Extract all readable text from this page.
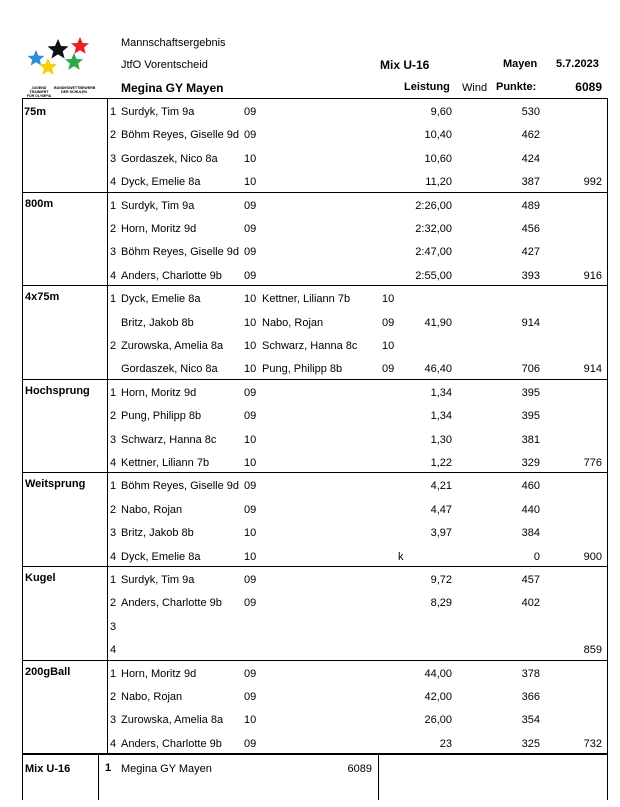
JUGEND TRAINIERT FÜR OLYMPIA
BUNDESWETTBEWERB DER SCHULEN
Mannschaftsergebnis
JtfO Vorentscheid	Mix U-16	Mayen 5.7.2023
Megina GY Mayen	Leistung Wind Punkte:	6089
75m	1 Surdyk, Tim 9a	09	9,60	530
2 Böhm Reyes, Giselle 9d 09	10,40	462
3 Gordaszek, Nico 8a 10	10,60	424
4 Dyck, Emelie 8a	10	11,20	387	992
800m	1 Surdyk, Tim 9a	09	2:26,00	489
2 Horn, Moritz 9d	09	2:32,00	456
3 Böhm Reyes, Giselle 9d 09	2:47,00	427
4 Anders, Charlotte 9b 09	2:55,00	393	916
4x75m	1 Dyck, Emelie 8a	10 Kettner, Liliann 7b	10
Britz, Jakob 8b	10 Nabo, Rojan	09	41,90	914
2 Zurowska, Amelia 8a 10 Schwarz, Hanna 8c 10
Gordaszek, Nico 8a 10 Pung, Philipp 8b	09	46,40	706	914
Hochsprung 1 Horn, Moritz 9d	09	1,34	395
2 Pung, Philipp 8b	09	1,34	395
3 Schwarz, Hanna 8c	10	1,30	381
4 Kettner, Liliann 7b	10	1,22	329	776
Weitsprung 1 Böhm Reyes, Giselle 9d 09	4,21	460
2 Nabo, Rojan	09	4,47	440
3 Britz, Jakob 8b	10	3,97	384
4 Dyck, Emelie 8a	10	k	0	900
Kugel	1 Surdyk, Tim 9a	09	9,72	457
2 Anders, Charlotte 9b 09	8,29	402
3
4	859
200gBall	1 Horn, Moritz 9d	09	44,00	378
2 Nabo, Rojan	09	42,00	366
3 Zurowska, Amelia 8a 10	26,00	354
4 Anders, Charlotte 9b 09	23	325	732
Mix U-16	1 Megina GY Mayen	6089
